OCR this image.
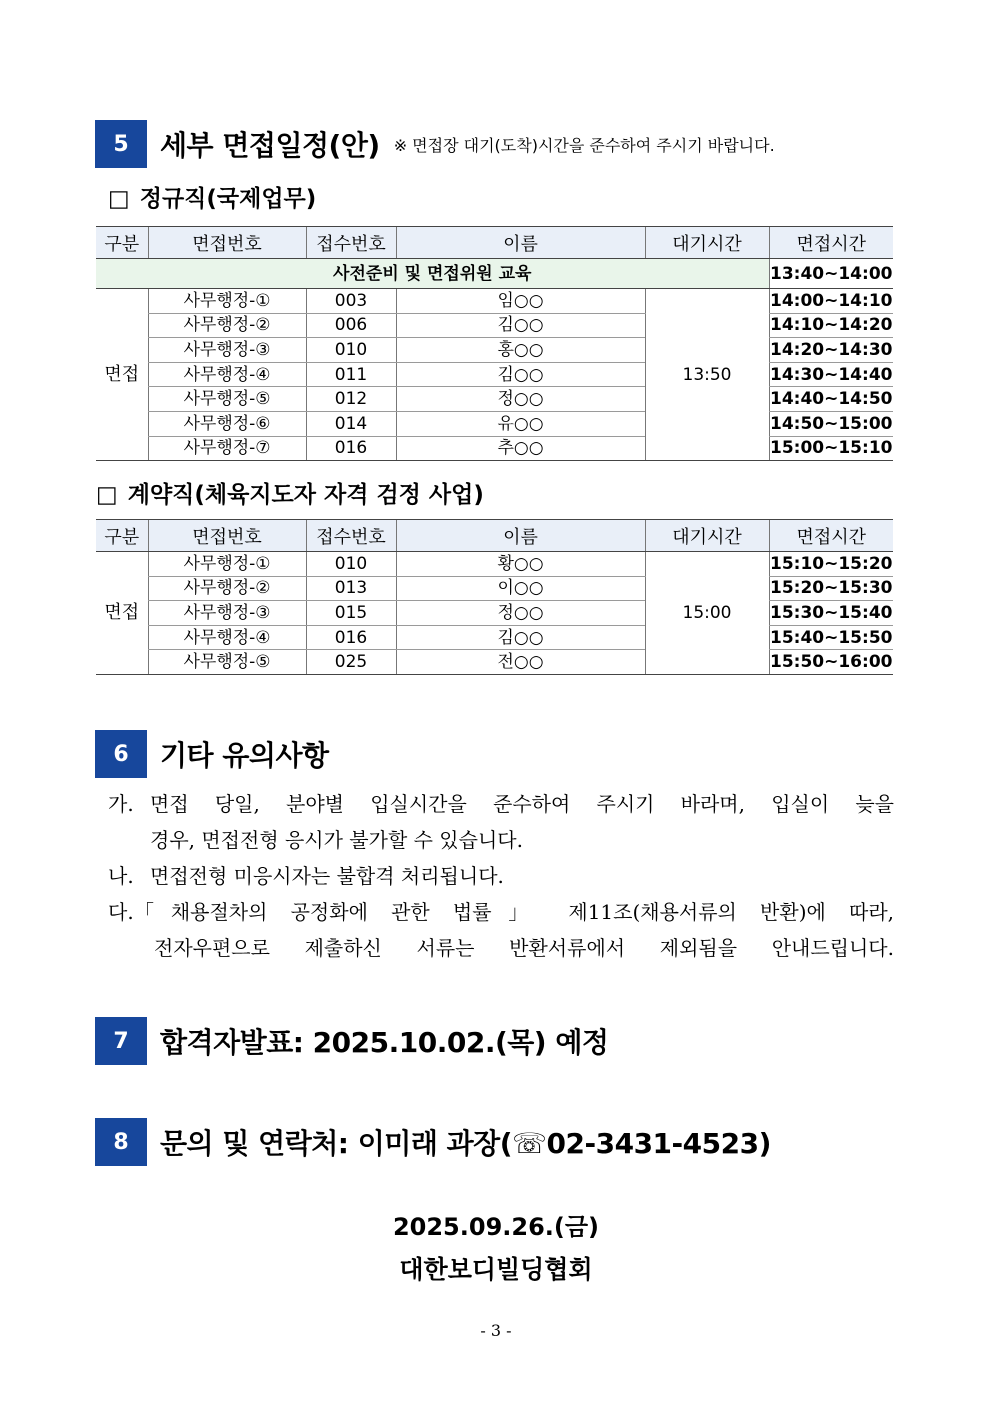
5	세부 면접일정(안) ※ 면접장 대기(도착)시간을 준수하여 주시기 바랍니다.
□ 정규직(국제업무)
구분	면접번호	접수번호	이름	대기시간	면접시간
사전준비 및 면접위원 교육					13:40~14:00
면접	사무행정-①	003	임○○	13:50	14:00~14:10
	사무행정-②	006	김○○		14:10~14:20
	사무행정-③	010	홍○○		14:20~14:30
	사무행정-④	011	김○○		14:30~14:40
	사무행정-⑤	012	정○○		14:40~14:50
	사무행정-⑥	014	유○○		14:50~15:00
	사무행정-⑦	016	추○○		15:00~15:10
□ 계약직(체육지도자 자격 검정 사업)
구분	면접번호	접수번호	이름	대기시간	면접시간
면접	사무행정-①	010	황○○	15:00	15:10~15:20
	사무행정-②	013	이○○		15:20~15:30
	사무행정-③	015	정○○		15:30~15:40
	사무행정-④	016	김○○		15:40~15:50
	사무행정-⑤	025	전○○		15:50~16:00
6	기타 유의사항
가. 면접 당일, 분야별 입실시간을 준수하여 주시기 바라며, 입실이 늦을
경우, 면접전형 응시가 불가할 수 있습니다.
나. 면접전형 미응시자는 불합격 처리됩니다.
다. 「채용절차의 공정화에 관한 법률」 제11조(채용서류의 반환)에 따라,
전자우편으로 제출하신 서류는 반환서류에서 제외됨을 안내드립니다.
7	합격자발표: 2025.10.02.(목) 예정
8	문의 및 연락처: 이미래 과장(☏02-3431-4523)
2025.09.26.(금)
대한보디빌딩협회
- 3 -
